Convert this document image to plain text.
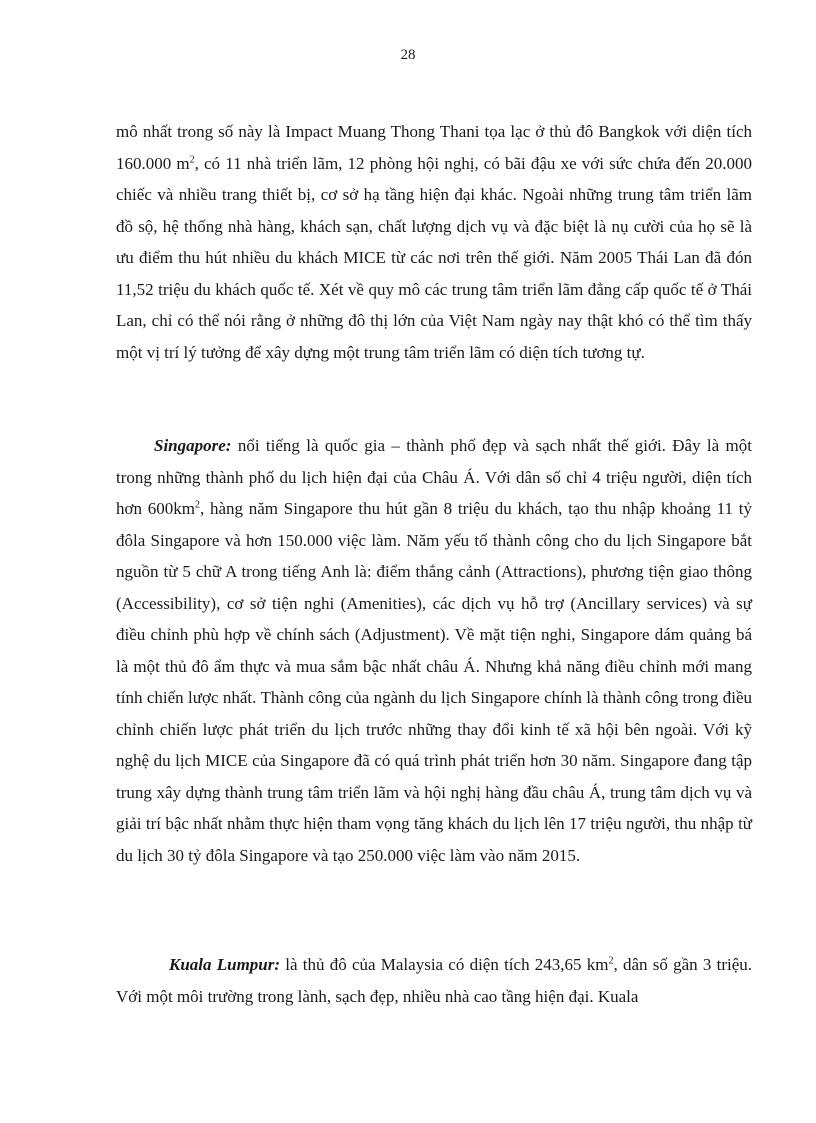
28

mô nhất trong số này là Impact Muang Thong Thani tọa lạc ở thủ đô Bangkok với diện tích 160.000 $m^2$, có 11 nhà triển lãm, 12 phòng hội nghị, có bãi đậu xe với sức chứa đến 20.000 chiếc và nhiều trang thiết bị, cơ sở hạ tầng hiện đại khác. Ngoài những trung tâm triển lãm đồ sộ, hệ thống nhà hàng, khách sạn, chất lượng dịch vụ và đặc biệt là nụ cười của họ sẽ là ưu điểm thu hút nhiều du khách MICE từ các nơi trên thế giới. Năm 2005 Thái Lan đã đón 11,52 triệu du khách quốc tế. Xét về quy mô các trung tâm triển lãm đẳng cấp quốc tế ở Thái Lan, chỉ có thể nói rằng ở những đô thị lớn của Việt Nam ngày nay thật khó có thể tìm thấy một vị trí lý tưởng để xây dựng một trung tâm triển lãm có diện tích tương tự.

Singapore: nổi tiếng là quốc gia – thành phố đẹp và sạch nhất thế giới. Đây là một trong những thành phố du lịch hiện đại của Châu Á. Với dân số chỉ 4 triệu người, diện tích hơn $600km^2$, hàng năm Singapore thu hút gần 8 triệu du khách, tạo thu nhập khoảng 11 tỷ đôla Singapore và hơn 150.000 việc làm. Năm yếu tố thành công cho du lịch Singapore bắt nguồn từ 5 chữ A trong tiếng Anh là: điểm thắng cảnh (Attractions), phương tiện giao thông (Accessibility), cơ sở tiện nghi (Amenities), các dịch vụ hỗ trợ (Ancillary services) và sự điều chỉnh phù hợp về chính sách (Adjustment). Về mặt tiện nghi, Singapore dám quảng bá là một thủ đô ẩm thực và mua sắm bậc nhất châu Á. Nhưng khả năng điều chỉnh mới mang tính chiến lược nhất. Thành công của ngành du lịch Singapore chính là thành công trong điều chỉnh chiến lược phát triển du lịch trước những thay đổi kinh tế xã hội bên ngoài. Với kỹ nghệ du lịch MICE của Singapore đã có quá trình phát triển hơn 30 năm. Singapore đang tập trung xây dựng thành trung tâm triển lãm và hội nghị hàng đầu châu Á, trung tâm dịch vụ và giải trí bậc nhất nhằm thực hiện tham vọng tăng khách du lịch lên 17 triệu người, thu nhập từ du lịch 30 tỷ đôla Singapore và tạo 250.000 việc làm vào năm 2015.

Kuala Lumpur: là thủ đô của Malaysia có diện tích 243,65 $km^2$, dân số gần 3 triệu. Với một môi trường trong lành, sạch đẹp, nhiều nhà cao tầng hiện đại. Kuala
